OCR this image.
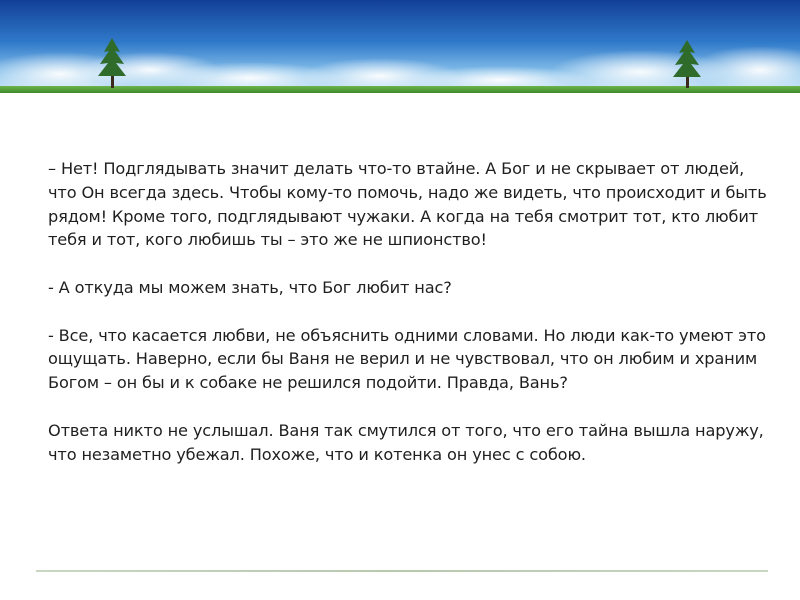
– Нет! Подглядывать значит делать что-то втайне. А Бог и не скрывает от людей, что Он всегда здесь. Чтобы кому-то помочь, надо же видеть, что происходит и быть рядом! Кроме того, подглядывают чужаки. А когда на тебя смотрит тот, кто любит тебя и тот, кого любишь ты – это же не шпионство!

- А откуда мы можем знать, что Бог любит нас?

- Все, что касается любви, не объяснить одними словами. Но люди как-то умеют это ощущать. Наверно, если бы Ваня не верил и не чувствовал, что он любим и храним Богом – он бы и к собаке не решился подойти. Правда, Вань?

Ответа никто не услышал. Ваня так смутился от того, что его тайна вышла наружу, что незаметно убежал. Похоже, что и котенка он унес с собою.
